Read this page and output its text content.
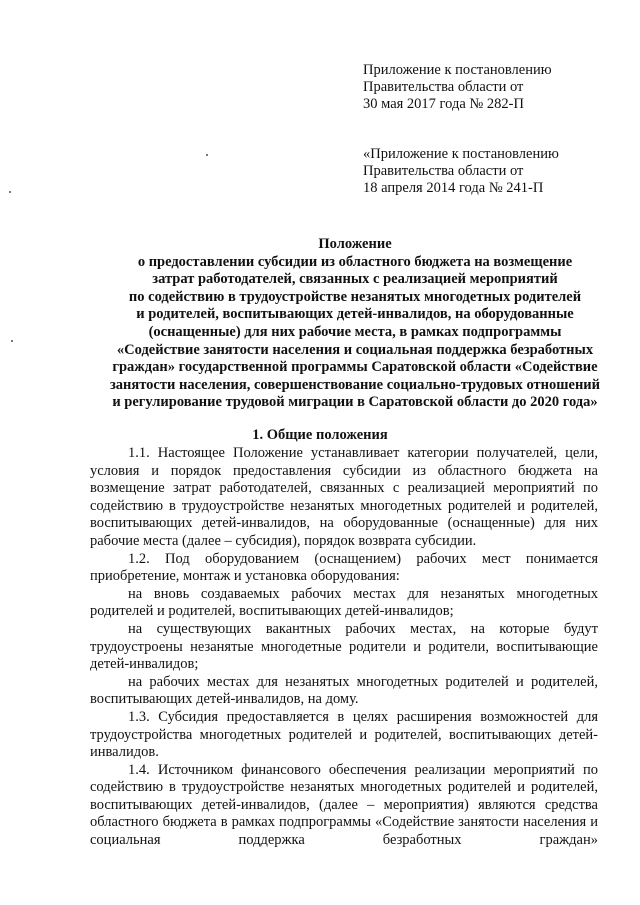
Приложение к постановлению
Правительства области от
30 мая 2017 года № 282-П
«Приложение к постановлению
Правительства области от
18 апреля 2014 года № 241-П
Положение
о предоставлении субсидии из областного бюджета на возмещение
затрат работодателей, связанных с реализацией мероприятий
по содействию в трудоустройстве незанятых многодетных родителей
и родителей, воспитывающих детей-инвалидов, на оборудованные
(оснащенные) для них рабочие места, в рамках подпрограммы
«Содействие занятости населения и социальная поддержка безработных
граждан» государственной программы Саратовской области «Содействие
занятости населения, совершенствование социально-трудовых отношений
и регулирование трудовой миграции в Саратовской области до 2020 года»
1. Общие положения

1.1. Настоящее Положение устанавливает категории получателей, цели, условия и порядок предоставления субсидии из областного бюджета на возмещение затрат работодателей, связанных с реализацией мероприятий по содействию в трудоустройстве незанятых многодетных родителей и родителей, воспитывающих детей-инвалидов, на оборудованные (оснащенные) для них рабочие места (далее – субсидия), порядок возврата субсидии.

1.2. Под оборудованием (оснащением) рабочих мест понимается приобретение, монтаж и установка оборудования:

на вновь создаваемых рабочих местах для незанятых многодетных родителей и родителей, воспитывающих детей-инвалидов;

на существующих вакантных рабочих местах, на которые будут трудоустроены незанятые многодетные родители и родители, воспитывающие детей-инвалидов;

на рабочих местах для незанятых многодетных родителей и родителей, воспитывающих детей-инвалидов, на дому.

1.3. Субсидия предоставляется в целях расширения возможностей для трудоустройства многодетных родителей и родителей, воспитывающих детей-инвалидов.

1.4. Источником финансового обеспечения реализации мероприятий по содействию в трудоустройстве незанятых многодетных родителей и родителей, воспитывающих детей-инвалидов, (далее – мероприятия) являются средства областного бюджета в рамках подпрограммы «Содействие занятости населения и социальная поддержка безработных граждан»
